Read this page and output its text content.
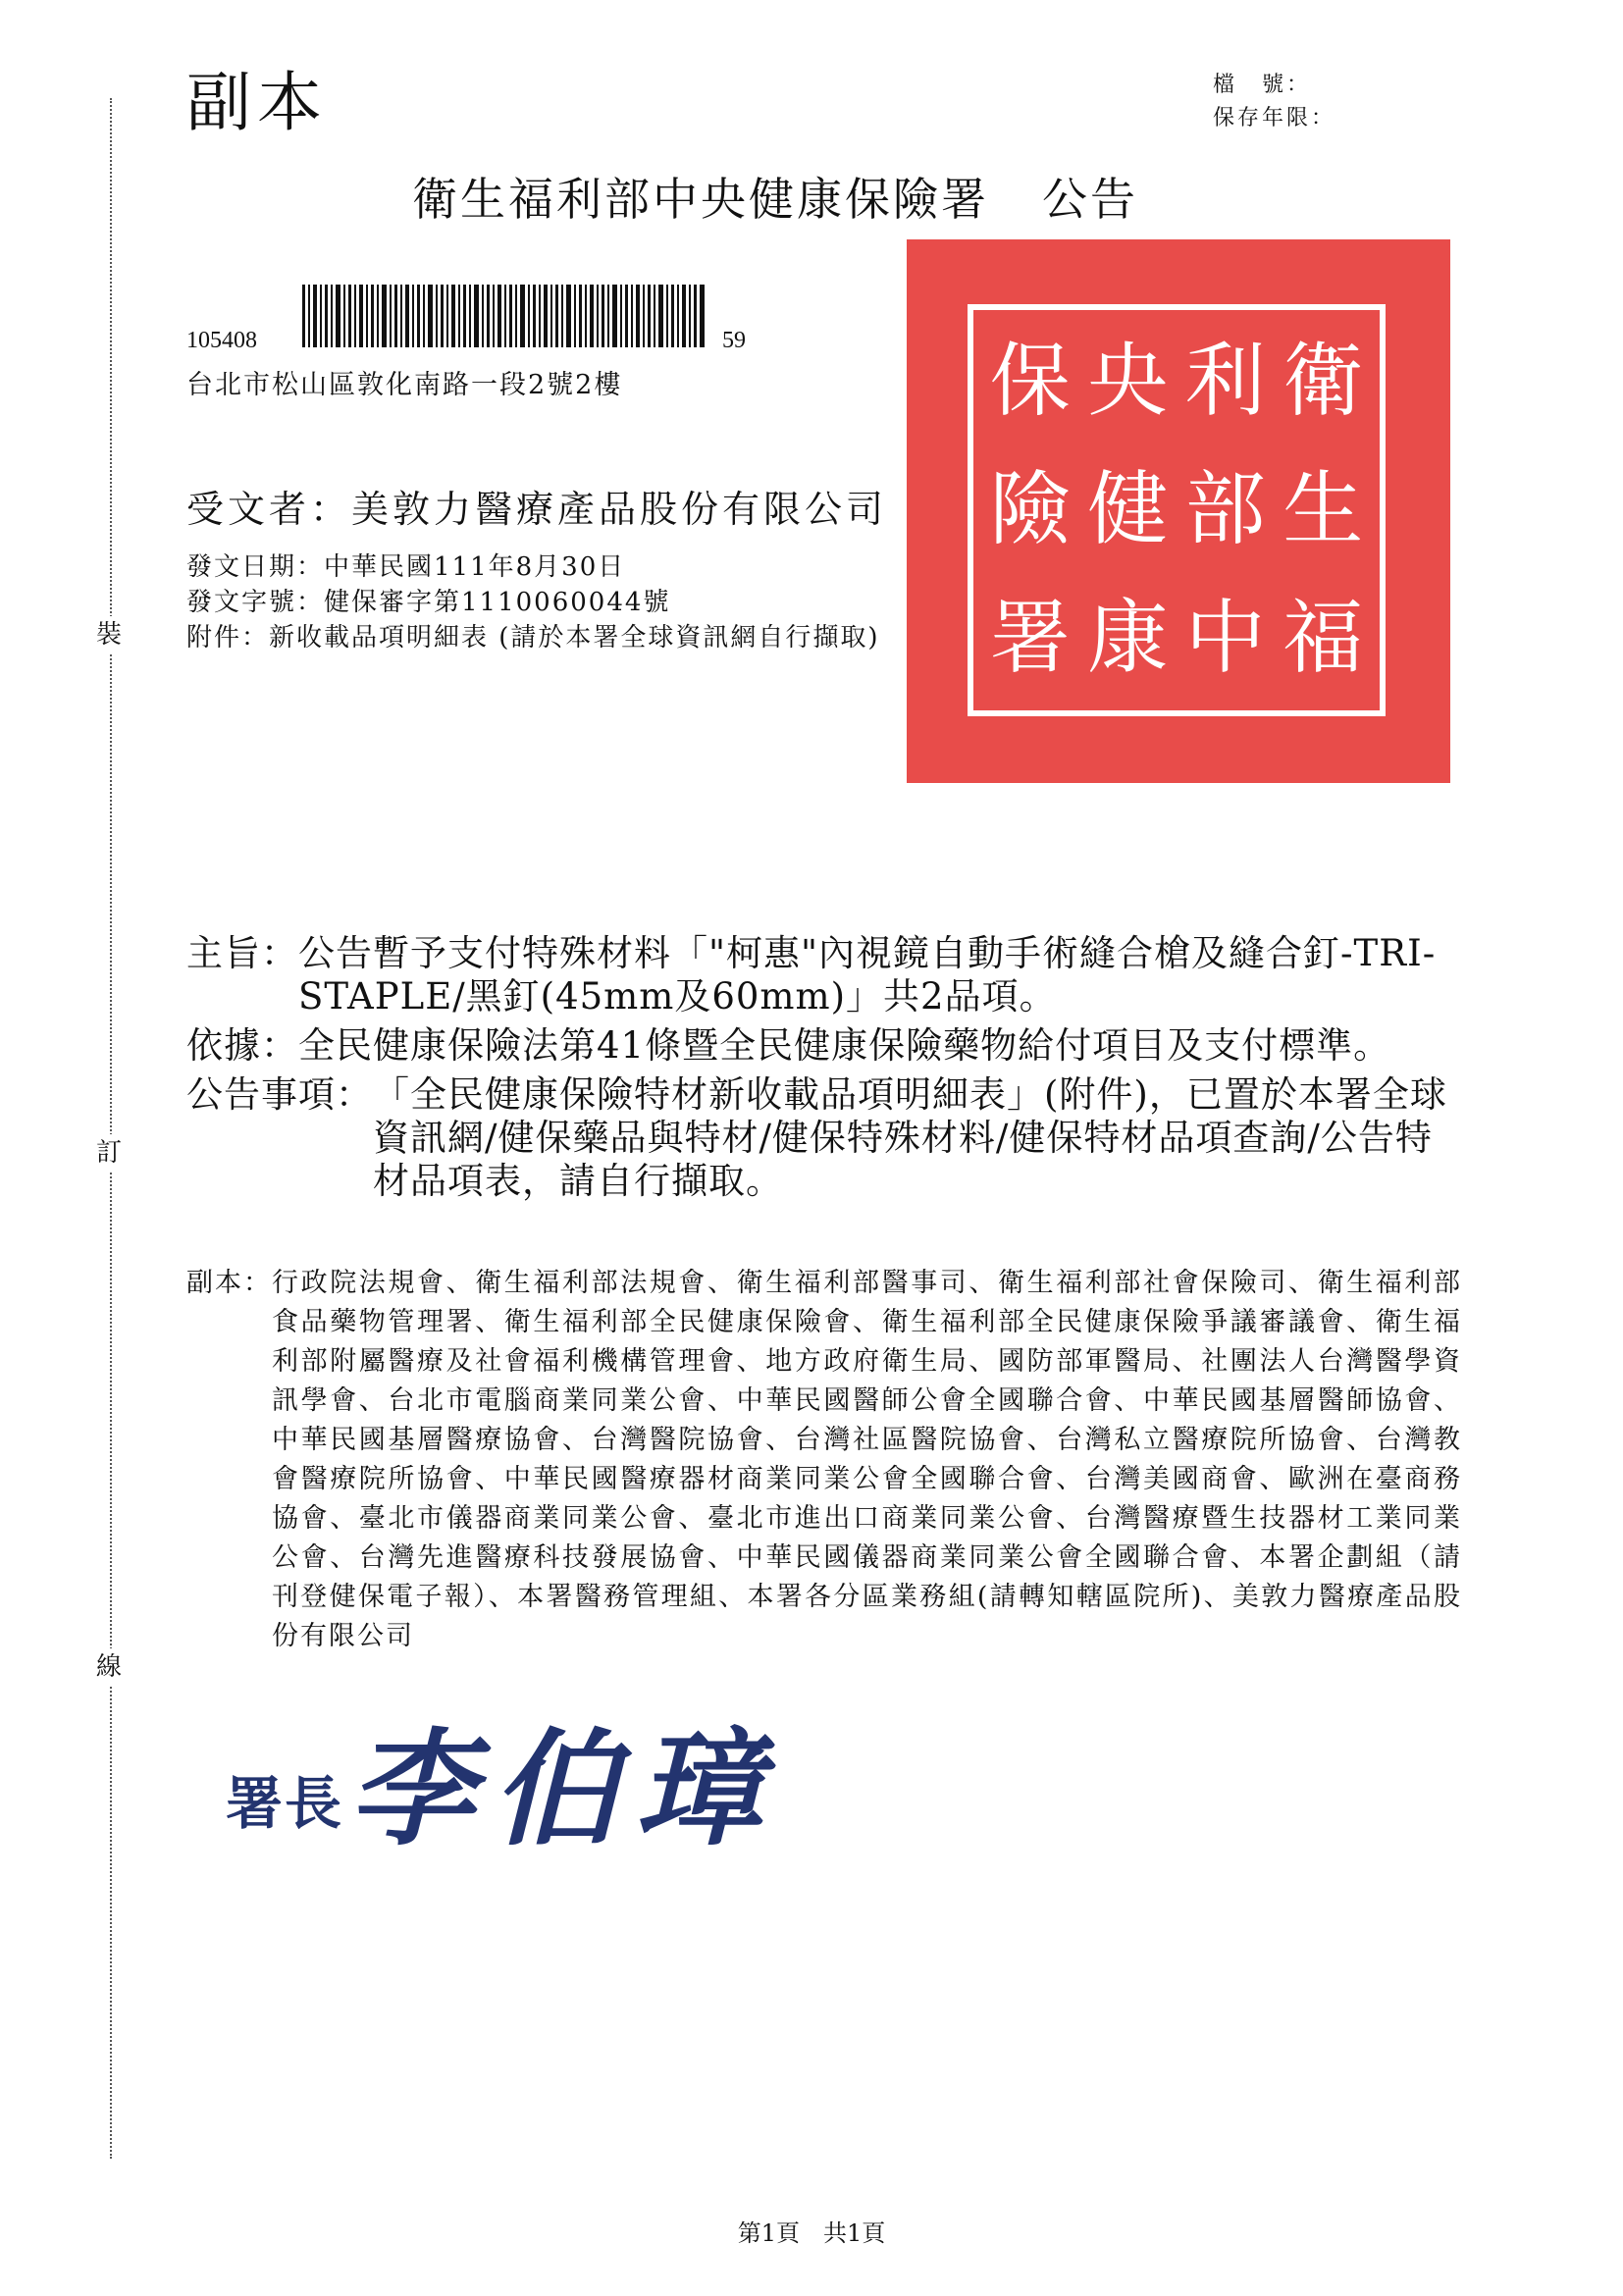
裝
訂
線
副本	檔　號：
保存年限：
衛生福利部中央健康保險署 公告
105408	59
台北市松山區敦化南路一段2號2樓
受文者：美敦力醫療產品股份有限公司
發文日期： 中華民國111年8月30日
發文字號： 健保審字第1110060044號
附件： 新收載品項明細表 (請於本署全球資訊網自行擷取)
保 央 利 衛
險 健 部 生
署 康 中 福
主旨： 公告暫予支付特殊材料「"柯惠"內視鏡自動手術縫合槍及縫合釘-TRI-STAPLE/黑釘(45mm及60mm)」共2品項。
依據： 全民健康保險法第41條暨全民健康保險藥物給付項目及支付標準。
公告事項： 「全民健康保險特材新收載品項明細表」(附件)，已置於本署全球資訊網/健保藥品與特材/健保特殊材料/健保特材品項查詢/公告特材品項表，請自行擷取。
副本： 行政院法規會、衛生福利部法規會、衛生福利部醫事司、衛生福利部社會保險司、衛生福利部食品藥物管理署、衛生福利部全民健康保險會、衛生福利部全民健康保險爭議審議會、衛生福利部附屬醫療及社會福利機構管理會、地方政府衛生局、國防部軍醫局、社團法人台灣醫學資訊學會、台北市電腦商業同業公會、中華民國醫師公會全國聯合會、中華民國基層醫師協會、中華民國基層醫療協會、台灣醫院協會、台灣社區醫院協會、台灣私立醫療院所協會、台灣教會醫療院所協會、中華民國醫療器材商業同業公會全國聯合會、台灣美國商會、歐洲在臺商務協會、臺北市儀器商業同業公會、臺北市進出口商業同業公會、台灣醫療暨生技器材工業同業公會、台灣先進醫療科技發展協會、中華民國儀器商業同業公會全國聯合會、本署企劃組（請刊登健保電子報）、本署醫務管理組、本署各分區業務組(請轉知轄區院所)、美敦力醫療產品股份有限公司
署長 李伯璋
第1頁　共1頁
